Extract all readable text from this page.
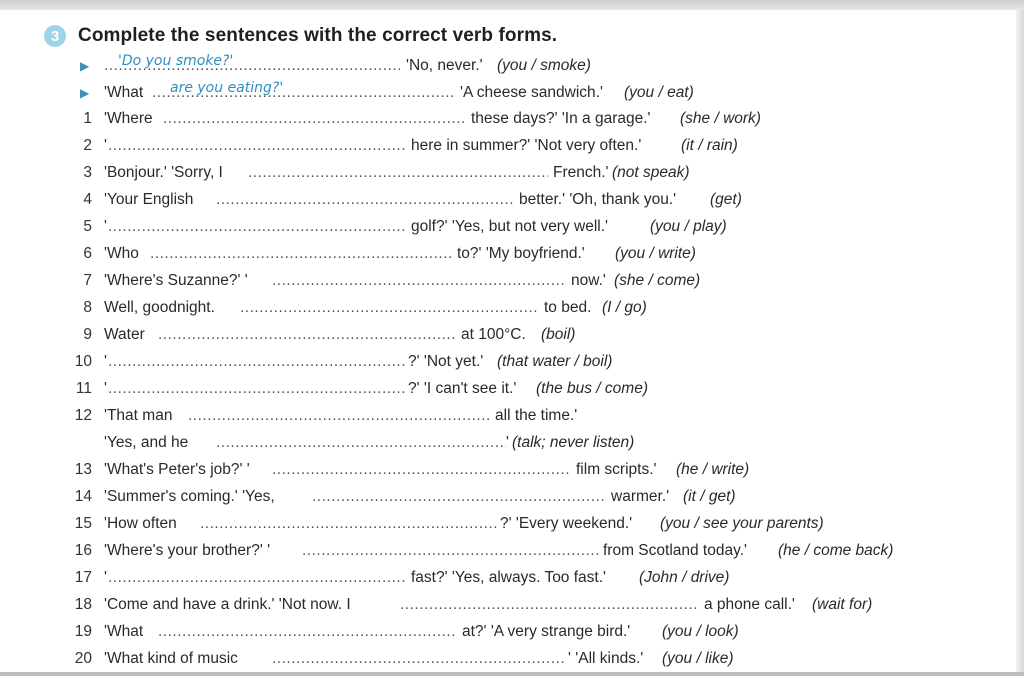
3 Complete the sentences with the correct verb forms.
▶ ..... 'Do you smoke?'	'No, never.' (you / smoke)
▶ 'What ..... are you eating?'	'A cheese sandwich.' (you / eat)
1 'Where .....	these days?' 'In a garage.' (she / work)
2 ' .....	here in summer?' 'Not very often.'	(it / rain)
3 'Bonjour.' 'Sorry, I .....	French.' (not speak)
4 'Your English .....	better.' 'Oh, thank you.' (get)
5 ' .....	golf?' 'Yes, but not very well.'	(you / play)
6 'Who .....	to?' 'My boyfriend.' (you / write)
7 'Where's Suzanne?' ' .....	now.' (she / come)
8 Well, goodnight. .....	to bed. (I / go)
9 Water .....	at 100°C. (boil)
10 ' .....	?' 'Not yet.' (that water / boil)
11 ' .....	?' 'I can't see it.' (the bus / come)
12 'That man .....	all the time.'
'Yes, and he .....	' (talk; never listen)
13 'What's Peter's job?' ' .....	film scripts.' (he / write)
14 'Summer's coming.' 'Yes, .....	warmer.' (it / get)
15 'How often .....	?' 'Every weekend.' (you / see your parents)
16 'Where's your brother?' ' .....	from Scotland today.' (he / come back)
17 ' .....	fast?' 'Yes, always. Too fast.' (John / drive)
18 'Come and have a drink.' 'Not now. I .....	a phone call.' (wait for)
19 'What .....	at?' 'A very strange bird.' (you / look)
20 'What kind of music .....	' 'All kinds.' (you / like)
